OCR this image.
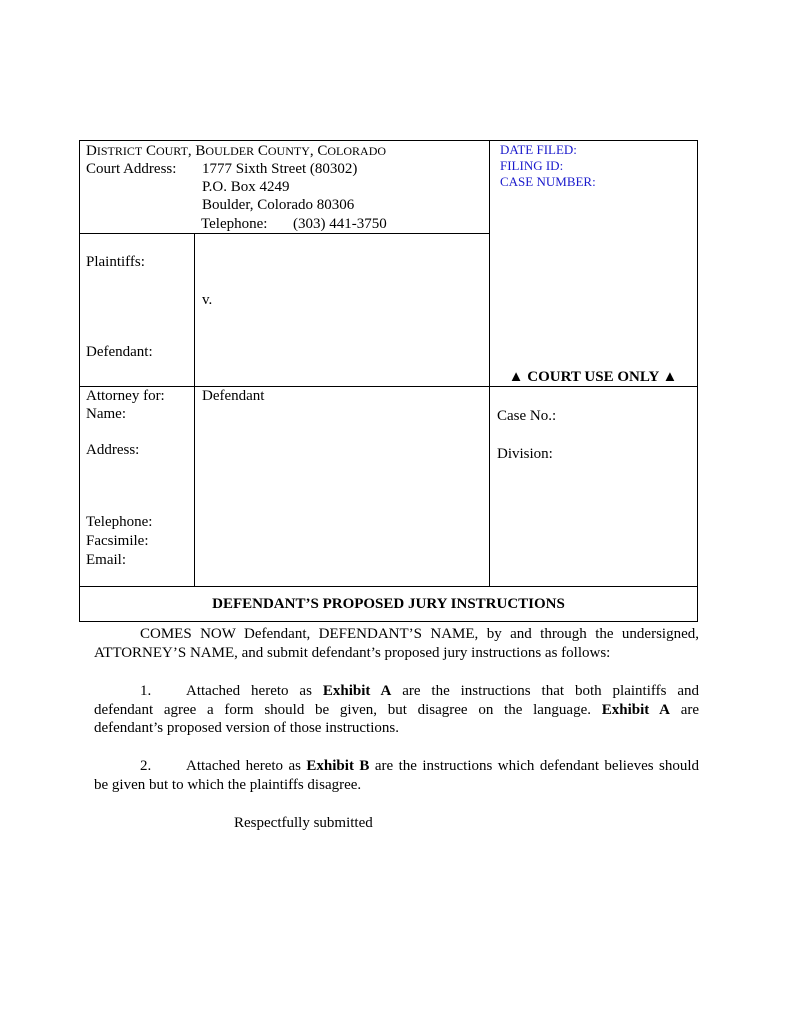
DISTRICT COURT, BOULDER COUNTY, COLORADO
Court Address: 1777 Sixth Street (80302)
P.O. Box 4249
Boulder, Colorado 80306
Telephone: (303) 441-3750
DATE FILED:
FILING ID:
CASE NUMBER:
Plaintiffs:
v.
Defendant:
▲ COURT USE ONLY ▲
Attorney for: Defendant
Name:
Address:
Telephone:
Facsimile:
Email:
Case No.:
Division:
DEFENDANT’S PROPOSED JURY INSTRUCTIONS
COMES NOW Defendant, DEFENDANT’S NAME, by and through the undersigned,
ATTORNEY’S NAME, and submit defendant’s proposed jury instructions as follows:
1. Attached hereto as Exhibit A are the instructions that both plaintiffs and
defendant agree a form should be given, but disagree on the language. Exhibit A are
defendant’s proposed version of those instructions.
2. Attached hereto as Exhibit B are the instructions which defendant believes should
be given but to which the plaintiffs disagree.
Respectfully submitted
